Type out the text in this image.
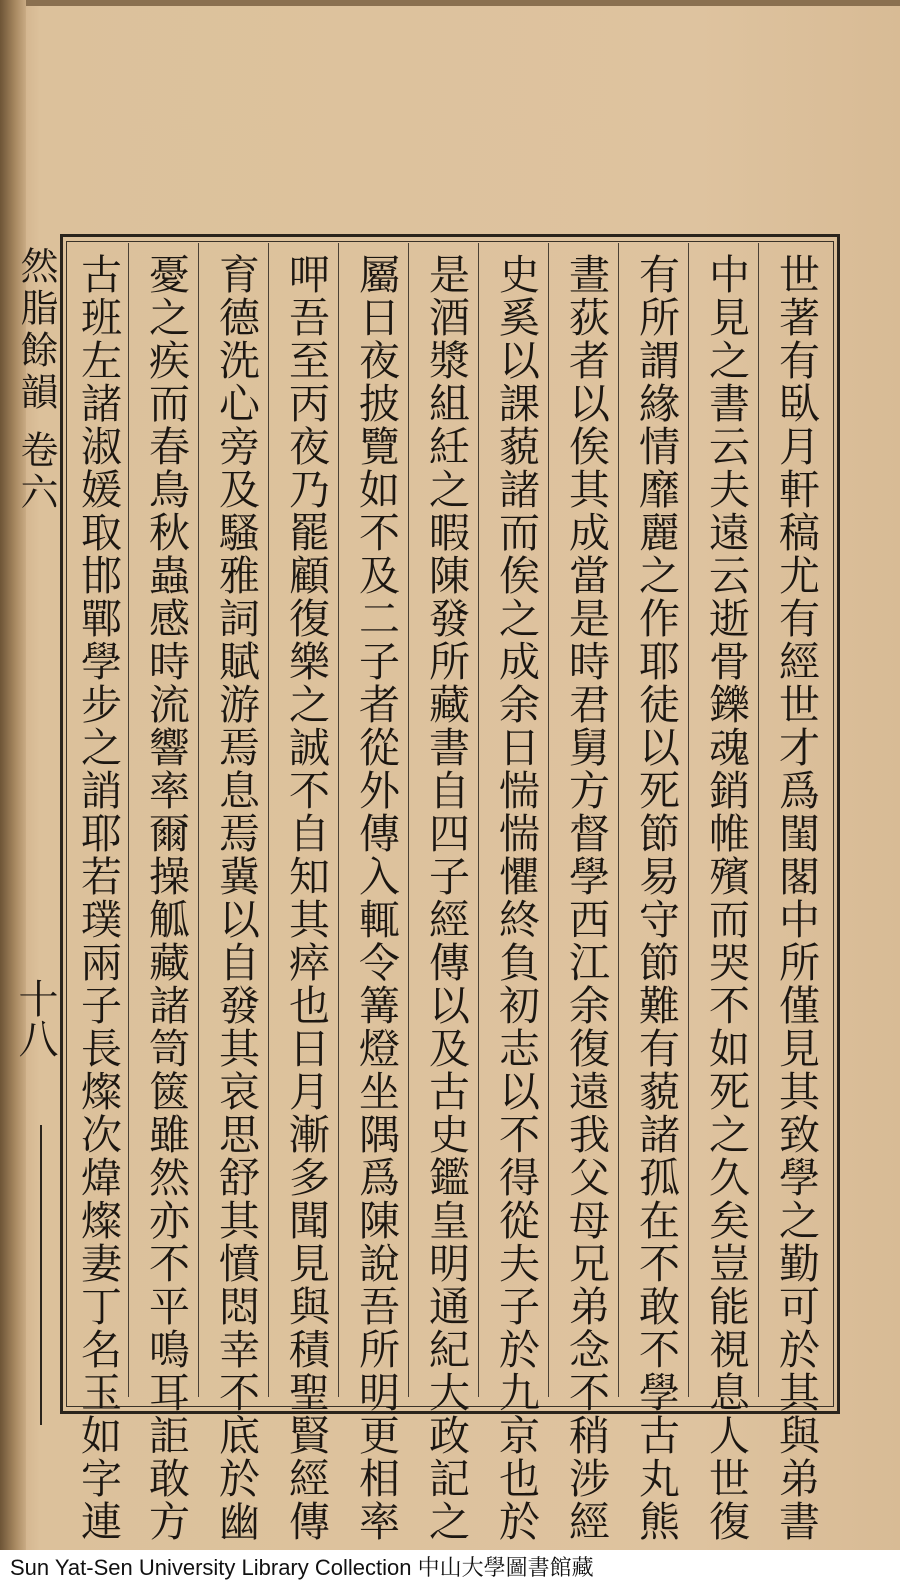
世著有臥月軒稿尤有經世才爲閨閣中所僅見其致學之勤可於其與弟書
中見之書云夫遠云逝骨鑠魂銷帷殯而哭不如死之久矣豈能視息人世復
有所謂緣情靡麗之作耶徒以死節易守節難有藐諸孤在不敢不學古丸熊
晝荻者以俟其成當是時君舅方督學西江余復遠我父母兄弟念不稍涉經
史奚以課藐諸而俟之成余日惴惴懼終負初志以不得從夫子於九京也於
是酒漿組紝之暇陳發所藏書自四子經傳以及古史鑑皇明通紀大政記之
屬日夜披覽如不及二子者從外傳入輒令篝燈坐隅爲陳說吾所明更相率
呷吾至丙夜乃罷顧復樂之誠不自知其瘁也日月漸多聞見與積聖賢經傳
育德洗心旁及騷雅詞賦游焉息焉冀以自發其哀思舒其憤悶幸不底於幽
憂之疾而春鳥秋蟲感時流響率爾操觚藏諸笥篋雖然亦不平鳴耳詎敢方
古班左諸淑媛取邯鄲學步之誚耶若璞兩子長燦次煒燦妻丁名玉如字連
然脂餘韻 卷六
十八
Sun Yat-Sen University Library Collection 中山大學圖書館藏
